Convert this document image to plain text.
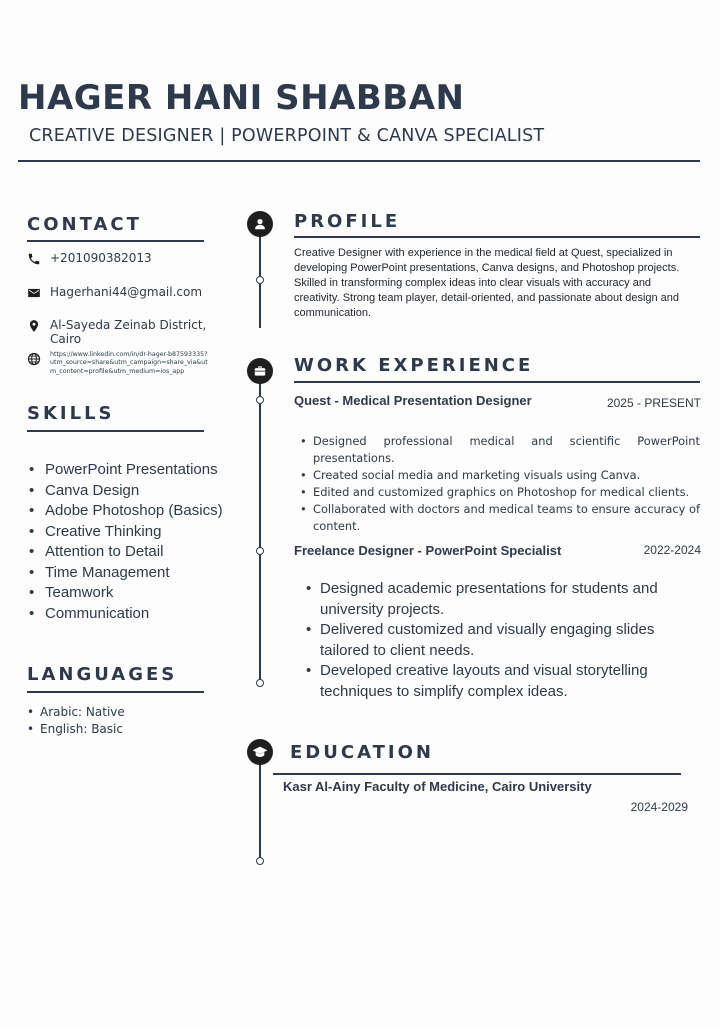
HAGER HANI SHABBAN
CREATIVE DESIGNER | POWERPOINT & CANVA SPECIALIST
CONTACT
+201090382013
Hagerhani44@gmail.com
Al-Sayeda Zeinab District, Cairo
https://www.linkedin.com/in/dr-hager-b87593335?utm_source=share&utm_campaign=share_via&utm_content=profile&utm_medium=ios_app
SKILLS
• PowerPoint Presentations
• Canva Design
• Adobe Photoshop (Basics)
• Creative Thinking
• Attention to Detail
• Time Management
• Teamwork
• Communication
LANGUAGES
• Arabic: Native
• English: Basic
PROFILE
Creative Designer with experience in the medical field at Quest, specialized in developing PowerPoint presentations, Canva designs, and Photoshop projects. Skilled in transforming complex ideas into clear visuals with accuracy and creativity. Strong team player, detail-oriented, and passionate about design and communication.
WORK EXPERIENCE
Quest - Medical Presentation Designer	2025 - PRESENT
• Designed professional medical and scientific PowerPoint presentations.
• Created social media and marketing visuals using Canva.
• Edited and customized graphics on Photoshop for medical clients.
• Collaborated with doctors and medical teams to ensure accuracy of content.
Freelance Designer - PowerPoint Specialist	2022-2024
• Designed academic presentations for students and university projects.
• Delivered customized and visually engaging slides tailored to client needs.
• Developed creative layouts and visual storytelling techniques to simplify complex ideas.
EDUCATION
Kasr Al-Ainy Faculty of Medicine, Cairo University
2024-2029
